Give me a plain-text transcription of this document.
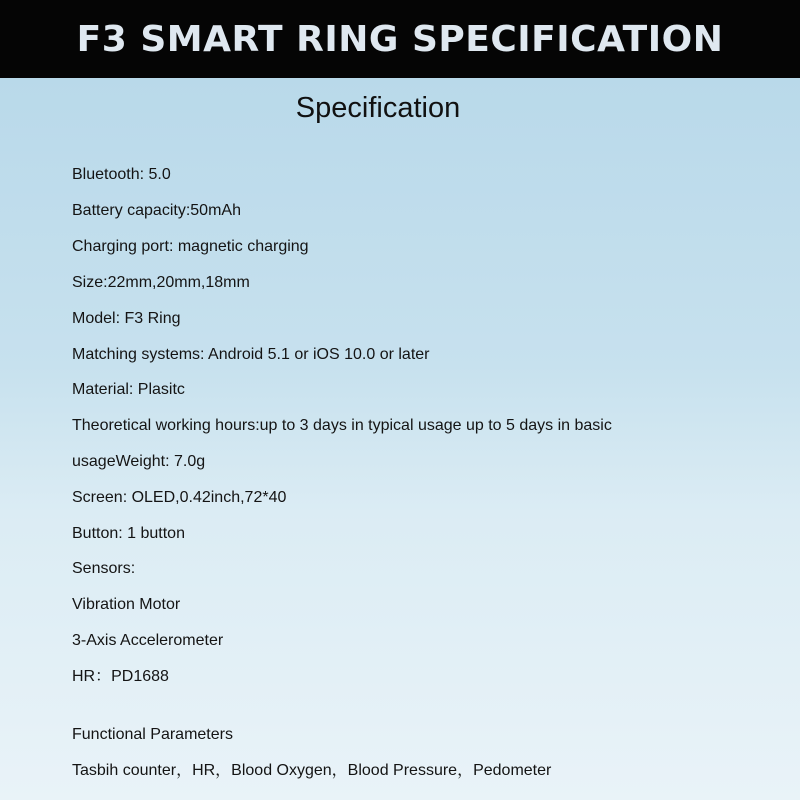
F3 SMART RING SPECIFICATION
Specification
Bluetooth: 5.0
Battery capacity:50mAh
Charging port: magnetic charging
Size:22mm,20mm,18mm
Model: F3 Ring
Matching systems: Android 5.1 or iOS 10.0 or later
Material: Plasitc
Theoretical working hours:up to 3 days in typical usage up to 5 days in basic
usageWeight: 7.0g
Screen: OLED,0.42inch,72*40
Button: 1 button
Sensors:
Vibration Motor
3-Axis Accelerometer
HR：PD1688
Functional Parameters
Tasbih counter，HR，Blood Oxygen，Blood Pressure，Pedometer
